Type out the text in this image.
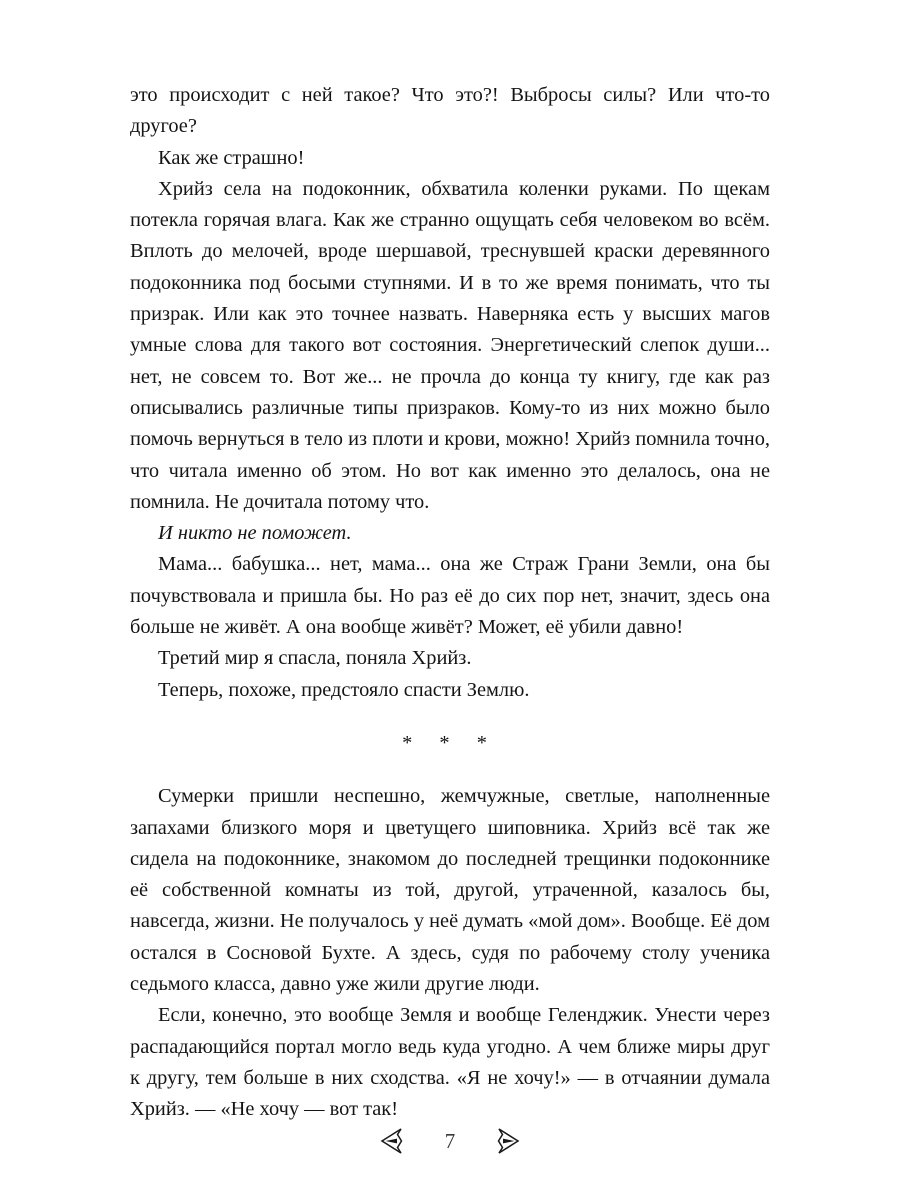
это происходит с ней такое? Что это?! Выбросы силы? Или что-то другое?

Как же страшно!

Хрийз села на подоконник, обхватила коленки руками. По щекам потекла горячая влага. Как же странно ощущать себя человеком во всём. Вплоть до мелочей, вроде шершавой, треснувшей краски деревянного подоконника под босыми ступнями. И в то же время понимать, что ты призрак. Или как это точнее назвать. Наверняка есть у высших магов умные слова для такого вот состояния. Энергетический слепок души... нет, не совсем то. Вот же... не прочла до конца ту книгу, где как раз описывались различные типы призраков. Кому-то из них можно было помочь вернуться в тело из плоти и крови, можно! Хрийз помнила точно, что читала именно об этом. Но вот как именно это делалось, она не помнила. Не дочитала потому что.

И никто не поможет.

Мама... бабушка... нет, мама... она же Страж Грани Земли, она бы почувствовала и пришла бы. Но раз её до сих пор нет, значит, здесь она больше не живёт. А она вообще живёт? Может, её убили давно!

Третий мир я спасла, поняла Хрийз.

Теперь, похоже, предстояло спасти Землю.

* * *

Сумерки пришли неспешно, жемчужные, светлые, наполненные запахами близкого моря и цветущего шиповника. Хрийз всё так же сидела на подоконнике, знакомом до последней трещинки подоконнике её собственной комнаты из той, другой, утраченной, казалось бы, навсегда, жизни. Не получалось у неё думать «мой дом». Вообще. Её дом остался в Сосновой Бухте. А здесь, судя по рабочему столу ученика седьмого класса, давно уже жили другие люди.

Если, конечно, это вообще Земля и вообще Геленджик. Унести через распадающийся портал могло ведь куда угодно. А чем ближе миры друг к другу, тем больше в них сходства. «Я не хочу!» — в отчаянии думала Хрийз. — «Не хочу — вот так!

7
